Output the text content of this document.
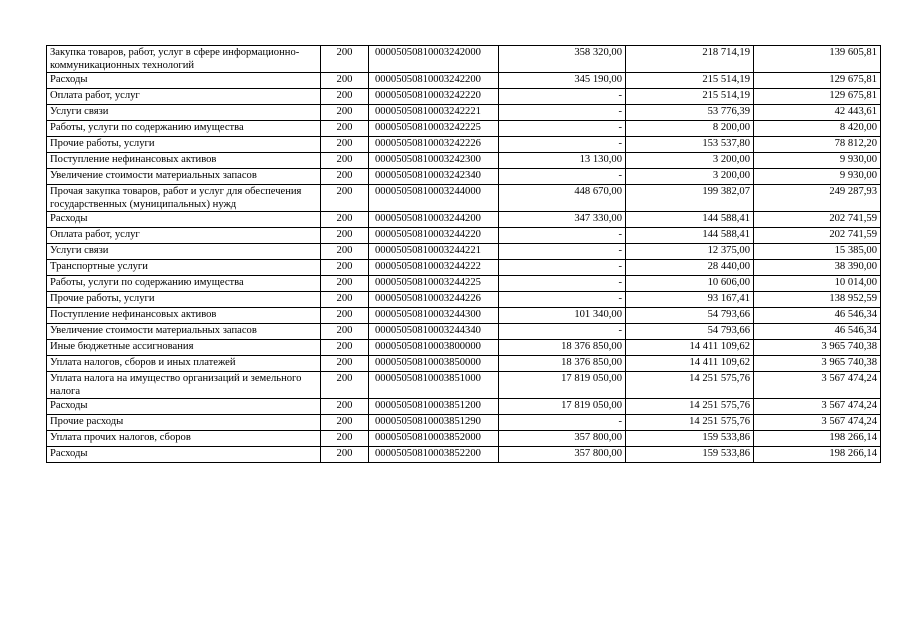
Закупка товаров, работ, услуг в сфере информационно-коммуникационных технологий	200	00005050810003242000	358 320,00	218 714,19	139 605,81
Расходы	200	00005050810003242200	345 190,00	215 514,19	129 675,81
Оплата работ, услуг	200	00005050810003242220	-	215 514,19	129 675,81
Услуги связи	200	00005050810003242221	-	53 776,39	42 443,61
Работы, услуги по содержанию имущества	200	00005050810003242225	-	8 200,00	8 420,00
Прочие работы, услуги	200	00005050810003242226	-	153 537,80	78 812,20
Поступление нефинансовых активов	200	00005050810003242300	13 130,00	3 200,00	9 930,00
Увеличение стоимости материальных запасов	200	00005050810003242340	-	3 200,00	9 930,00
Прочая закупка товаров, работ и услуг для обеспечения государственных (муниципальных) нужд	200	00005050810003244000	448 670,00	199 382,07	249 287,93
Расходы	200	00005050810003244200	347 330,00	144 588,41	202 741,59
Оплата работ, услуг	200	00005050810003244220	-	144 588,41	202 741,59
Услуги связи	200	00005050810003244221	-	12 375,00	15 385,00
Транспортные услуги	200	00005050810003244222	-	28 440,00	38 390,00
Работы, услуги по содержанию имущества	200	00005050810003244225	-	10 606,00	10 014,00
Прочие работы, услуги	200	00005050810003244226	-	93 167,41	138 952,59
Поступление нефинансовых активов	200	00005050810003244300	101 340,00	54 793,66	46 546,34
Увеличение стоимости материальных запасов	200	00005050810003244340	-	54 793,66	46 546,34
Иные бюджетные ассигнования	200	00005050810003800000	18 376 850,00	14 411 109,62	3 965 740,38
Уплата налогов, сборов и иных платежей	200	00005050810003850000	18 376 850,00	14 411 109,62	3 965 740,38
Уплата налога на имущество организаций и земельного налога	200	00005050810003851000	17 819 050,00	14 251 575,76	3 567 474,24
Расходы	200	00005050810003851200	17 819 050,00	14 251 575,76	3 567 474,24
Прочие расходы	200	00005050810003851290	-	14 251 575,76	3 567 474,24
Уплата прочих налогов, сборов	200	00005050810003852000	357 800,00	159 533,86	198 266,14
Расходы	200	00005050810003852200	357 800,00	159 533,86	198 266,14
